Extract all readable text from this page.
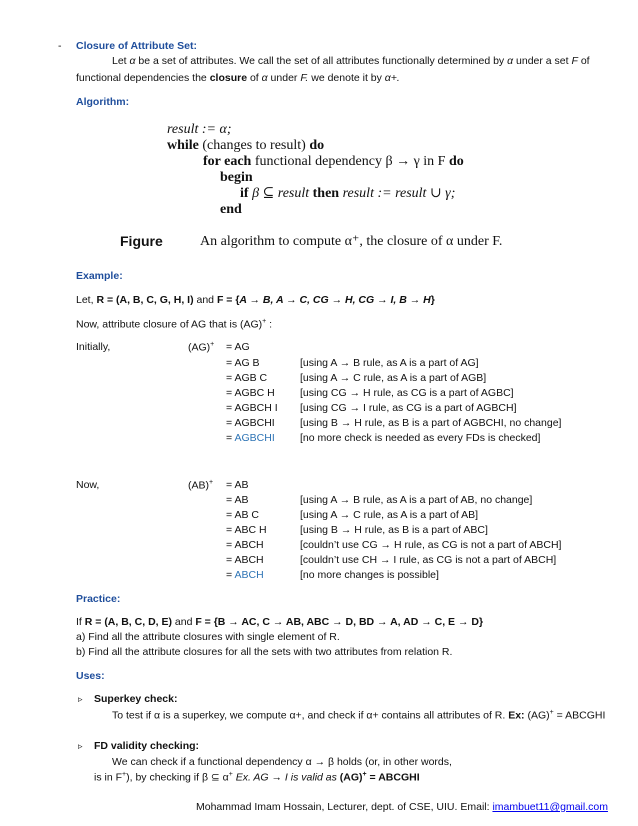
- Closure of Attribute Set:
Let α be a set of attributes. We call the set of all attributes functionally determined by α under a set F of
functional dependencies the closure of α under F. we denote it by α+.
Algorithm:
result := α;
while (changes to result) do
for each functional dependency β → γ in F do
begin
if β ⊆ result then result := result ∪ γ;
end
Figure	An algorithm to compute α⁺, the closure of α under F.
Example:
Let, R = (A, B, C, G, H, I) and F = {A → B, A → C, CG → H, CG → I, B → H}
Now, attribute closure of AG that is (AG)+ :
Initially,	(AG)+ = AG
= AG B	[using A → B rule, as A is a part of AG]
= AGB C	[using A → C rule, as A is a part of AGB]
= AGBC H [using CG → H rule, as CG is a part of AGBC]
= AGBCH I [using CG → I rule, as CG is a part of AGBCH]
= AGBCHI [using B → H rule, as B is a part of AGBCHI, no change]
= AGBCHI [no more check is needed as every FDs is checked]
Now,	(AB)+ = AB
= AB	[using A → B rule, as A is a part of AB, no change]
= AB C	[using A → C rule, as A is a part of AB]
= ABC H	[using B → H rule, as B is a part of ABC]
= ABCH	[couldn’t use CG → H rule, as CG is not a part of ABCH]
= ABCH	[couldn’t use CH → I rule, as CG is not a part of ABCH]
= ABCH	[no more changes is possible]
Practice:
If R = (A, B, C, D, E) and F = {B → AC, C → AB, ABC → D, BD → A, AD → C, E → D}
a) Find all the attribute closures with single element of R.
b) Find all the attribute closures for all the sets with two attributes from relation R.
Uses:
▹ Superkey check:
To test if α is a superkey, we compute α+, and check if α+ contains all attributes of R. Ex: (AG)+ = ABCGHI
▹ FD validity checking:
We can check if a functional dependency α → β holds (or, in other words,
is in F+), by checking if β ⊆ α+ Ex. AG → I is valid as (AG)+ = ABCGHI
Mohammad Imam Hossain, Lecturer, dept. of CSE, UIU. Email: imambuet11@gmail.com
